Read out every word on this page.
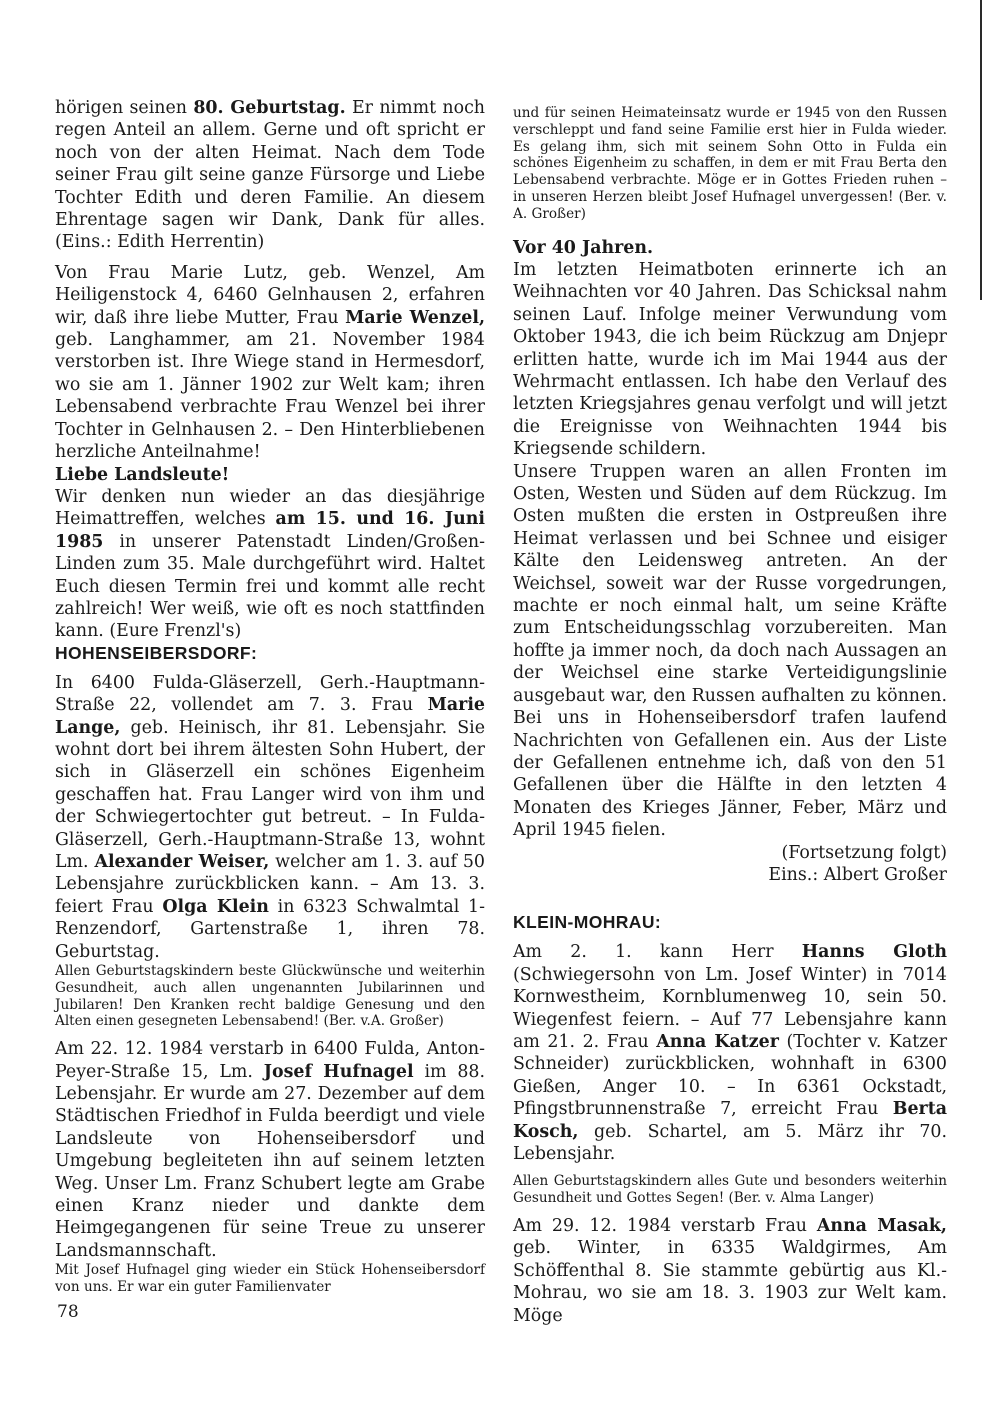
hörigen seinen 80. Geburtstag. Er nimmt noch regen Anteil an allem. Gerne und oft spricht er noch von der alten Heimat. Nach dem Tode seiner Frau gilt seine ganze Fürsorge und Liebe Tochter Edith und deren Familie. An diesem Ehrentage sagen wir Dank, Dank für alles. (Eins.: Edith Herrentin)

Von Frau Marie Lutz, geb. Wenzel, Am Heiligenstock 4, 6460 Gelnhausen 2, erfahren wir, daß ihre liebe Mutter, Frau Marie Wenzel, geb. Langhammer, am 21. November 1984 verstorben ist. Ihre Wiege stand in Hermesdorf, wo sie am 1. Jänner 1902 zur Welt kam; ihren Lebensabend verbrachte Frau Wenzel bei ihrer Tochter in Gelnhausen 2. – Den Hinterbliebenen herzliche Anteilnahme!

Liebe Landsleute!

Wir denken nun wieder an das diesjährige Heimattreffen, welches am 15. und 16. Juni 1985 in unserer Patenstadt Linden/Großen-Linden zum 35. Male durchgeführt wird. Haltet Euch diesen Termin frei und kommt alle recht zahlreich! Wer weiß, wie oft es noch stattfinden kann. (Eure Frenzl's)

HOHENSEIBERSDORF:

In 6400 Fulda-Gläserzell, Gerh.-Hauptmann-Straße 22, vollendet am 7. 3. Frau Marie Lange, geb. Heinisch, ihr 81. Lebensjahr. Sie wohnt dort bei ihrem ältesten Sohn Hubert, der sich in Gläserzell ein schönes Eigenheim geschaffen hat. Frau Langer wird von ihm und der Schwiegertochter gut betreut. – In Fulda-Gläserzell, Gerh.-Hauptmann-Straße 13, wohnt Lm. Alexander Weiser, welcher am 1. 3. auf 50 Lebensjahre zurückblicken kann. – Am 13. 3. feiert Frau Olga Klein in 6323 Schwalmtal 1-Renzendorf, Gartenstraße 1, ihren 78. Geburtstag.

Allen Geburtstagskindern beste Glückwünsche und weiterhin Gesundheit, auch allen ungenannten Jubilarinnen und Jubilaren! Den Kranken recht baldige Genesung und den Alten einen gesegneten Lebensabend! (Ber. v.A. Großer)

Am 22. 12. 1984 verstarb in 6400 Fulda, Anton-Peyer-Straße 15, Lm. Josef Hufnagel im 88. Lebensjahr. Er wurde am 27. Dezember auf dem Städtischen Friedhof in Fulda beerdigt und viele Landsleute von Hohenseibersdorf und Umgebung begleiteten ihn auf seinem letzten Weg. Unser Lm. Franz Schubert legte am Grabe einen Kranz nieder und dankte dem Heimgegangenen für seine Treue zu unserer Landsmannschaft.

Mit Josef Hufnagel ging wieder ein Stück Hohenseibersdorf von uns. Er war ein guter Familienvater

und für seinen Heimateinsatz wurde er 1945 von den Russen verschleppt und fand seine Familie erst hier in Fulda wieder. Es gelang ihm, sich mit seinem Sohn Otto in Fulda ein schönes Eigenheim zu schaffen, in dem er mit Frau Berta den Lebensabend verbrachte. Möge er in Gottes Frieden ruhen – in unseren Herzen bleibt Josef Hufnagel unvergessen! (Ber. v. A. Großer)

Vor 40 Jahren.

Im letzten Heimatboten erinnerte ich an Weihnachten vor 40 Jahren. Das Schicksal nahm seinen Lauf. Infolge meiner Verwundung vom Oktober 1943, die ich beim Rückzug am Dnjepr erlitten hatte, wurde ich im Mai 1944 aus der Wehrmacht entlassen. Ich habe den Verlauf des letzten Kriegsjahres genau verfolgt und will jetzt die Ereignisse von Weihnachten 1944 bis Kriegsende schildern.

Unsere Truppen waren an allen Fronten im Osten, Westen und Süden auf dem Rückzug. Im Osten mußten die ersten in Ostpreußen ihre Heimat verlassen und bei Schnee und eisiger Kälte den Leidensweg antreten. An der Weichsel, soweit war der Russe vorgedrungen, machte er noch einmal halt, um seine Kräfte zum Entscheidungsschlag vorzubereiten. Man hoffte ja immer noch, da doch nach Aussagen an der Weichsel eine starke Verteidigungslinie ausgebaut war, den Russen aufhalten zu können. Bei uns in Hohenseibersdorf trafen laufend Nachrichten von Gefallenen ein. Aus der Liste der Gefallenen entnehme ich, daß von den 51 Gefallenen über die Hälfte in den letzten 4 Monaten des Krieges Jänner, Feber, März und April 1945 fielen.

(Fortsetzung folgt)

Eins.: Albert Großer

KLEIN-MOHRAU:

Am 2. 1. kann Herr Hanns Gloth (Schwiegersohn von Lm. Josef Winter) in 7014 Kornwestheim, Kornblumenweg 10, sein 50. Wiegenfest feiern. – Auf 77 Lebensjahre kann am 21. 2. Frau Anna Katzer (Tochter v. Katzer Schneider) zurückblicken, wohnhaft in 6300 Gießen, Anger 10. – In 6361 Ockstadt, Pfingstbrunnenstraße 7, erreicht Frau Berta Kosch, geb. Schartel, am 5. März ihr 70. Lebensjahr.

Allen Geburtstagskindern alles Gute und besonders weiterhin Gesundheit und Gottes Segen! (Ber. v. Alma Langer)

Am 29. 12. 1984 verstarb Frau Anna Masak, geb. Winter, in 6335 Waldgirmes, Am Schöffenthal 8. Sie stammte gebürtig aus Kl.-Mohrau, wo sie am 18. 3. 1903 zur Welt kam. Möge

78
